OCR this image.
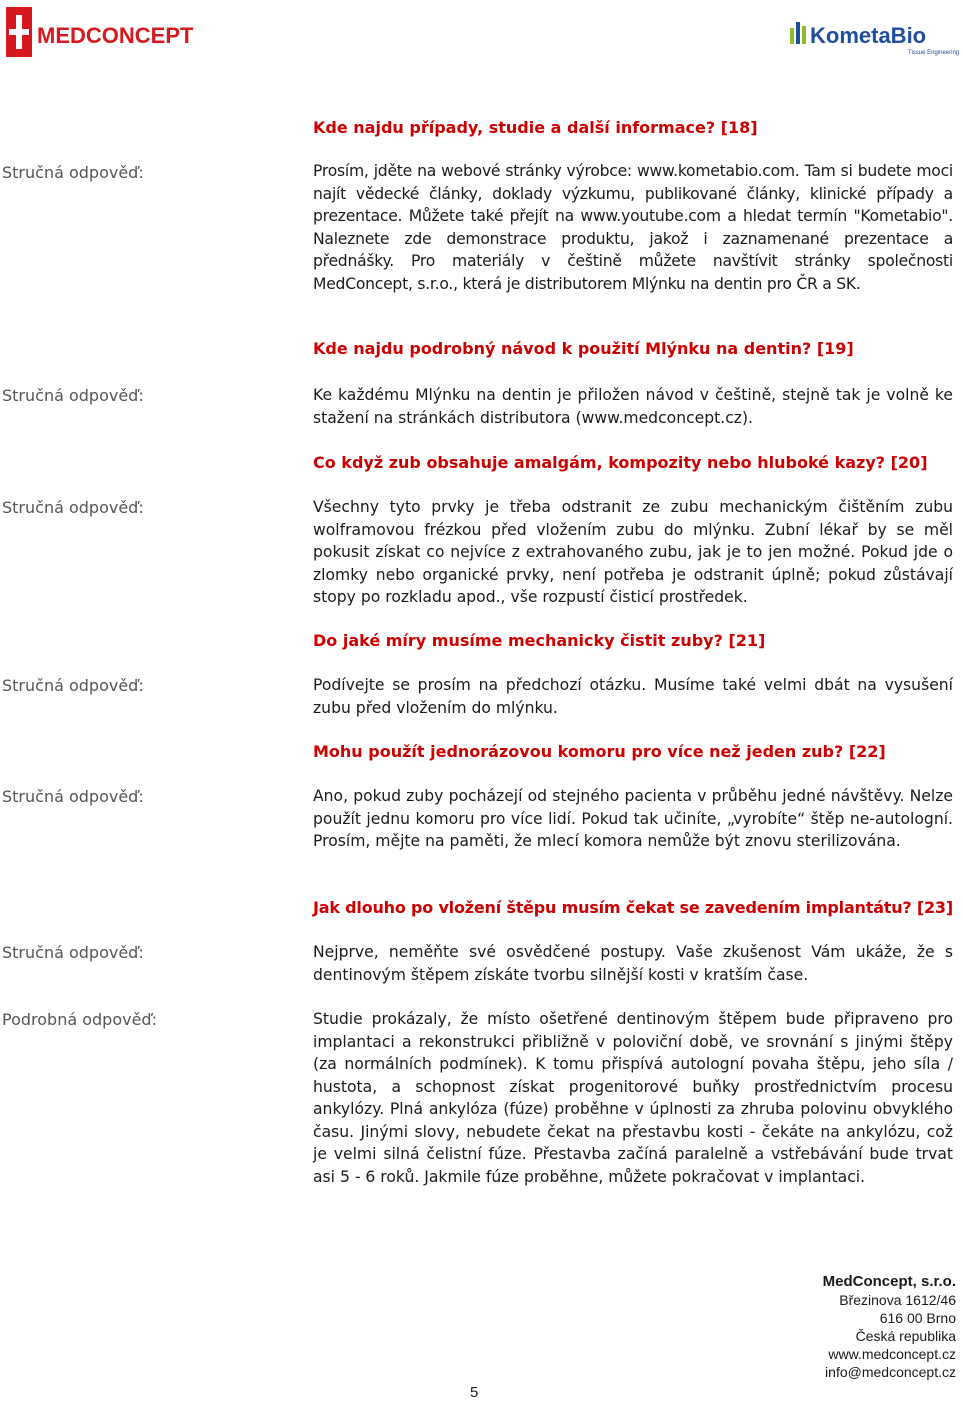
MEDCONCEPT	KometaBio
Tissue Engineering
Kde najdu případy, studie a další informace? [18]
Stručná odpověď:	Prosím, jděte na webové stránky výrobce: www.kometabio.com. Tam si budete moci najít vědecké články, doklady výzkumu, publikované články, klinické případy a prezentace. Můžete také přejít na www.youtube.com a hledat termín "Kometabio". Naleznete zde demonstrace produktu, jakož i zaznamenané prezentace a přednášky. Pro materiály v češtině můžete navštívit stránky společnosti MedConcept, s.r.o., která je distributorem Mlýnku na dentin pro ČR a SK.
Kde najdu podrobný návod k použití Mlýnku na dentin? [19]
Stručná odpověď:	Ke každému Mlýnku na dentin je přiložen návod v češtině, stejně tak je volně ke stažení na stránkách distributora (www.medconcept.cz).
Co když zub obsahuje amalgám, kompozity nebo hluboké kazy? [20]
Stručná odpověď:	Všechny tyto prvky je třeba odstranit ze zubu mechanickým čištěním zubu wolframovou frézkou před vložením zubu do mlýnku. Zubní lékař by se měl pokusit získat co nejvíce z extrahovaného zubu, jak je to jen možné. Pokud jde o zlomky nebo organické prvky, není potřeba je odstranit úplně; pokud zůstávají stopy po rozkladu apod., vše rozpustí čisticí prostředek.
Do jaké míry musíme mechanicky čistit zuby? [21]
Stručná odpověď:	Podívejte se prosím na předchozí otázku. Musíme také velmi dbát na vysušení zubu před vložením do mlýnku.
Mohu použít jednorázovou komoru pro více než jeden zub? [22]
Stručná odpověď:	Ano, pokud zuby pocházejí od stejného pacienta v průběhu jedné návštěvy. Nelze použít jednu komoru pro více lidí. Pokud tak učiníte, „vyrobíte“ štěp ne-autologní. Prosím, mějte na paměti, že mlecí komora nemůže být znovu sterilizována.
Jak dlouho po vložení štěpu musím čekat se zavedením implantátu? [23]
Stručná odpověď:	Nejprve, neměňte své osvědčené postupy. Vaše zkušenost Vám ukáže, že s dentinovým štěpem získáte tvorbu silnější kosti v kratším čase.
Podrobná odpověď:	Studie prokázaly, že místo ošetřené dentinovým štěpem bude připraveno pro implantaci a rekonstrukci přibližně v poloviční době, ve srovnání s jinými štěpy (za normálních podmínek). K tomu přispívá autologní povaha štěpu, jeho síla / hustota, a schopnost získat progenitorové buňky prostřednictvím procesu ankylózy. Plná ankylóza (fúze) proběhne v úplnosti za zhruba polovinu obvyklého času. Jinými slovy, nebudete čekat na přestavbu kosti - čekáte na ankylózu, což je velmi silná čelistní fúze. Přestavba začíná paralelně a vstřebávání bude trvat asi 5 - 6 roků. Jakmile fúze proběhne, můžete pokračovat v implantaci.
5
MedConcept, s.r.o.
Březinova 1612/46
616 00 Brno
Česká republika
www.medconcept.cz
info@medconcept.cz
